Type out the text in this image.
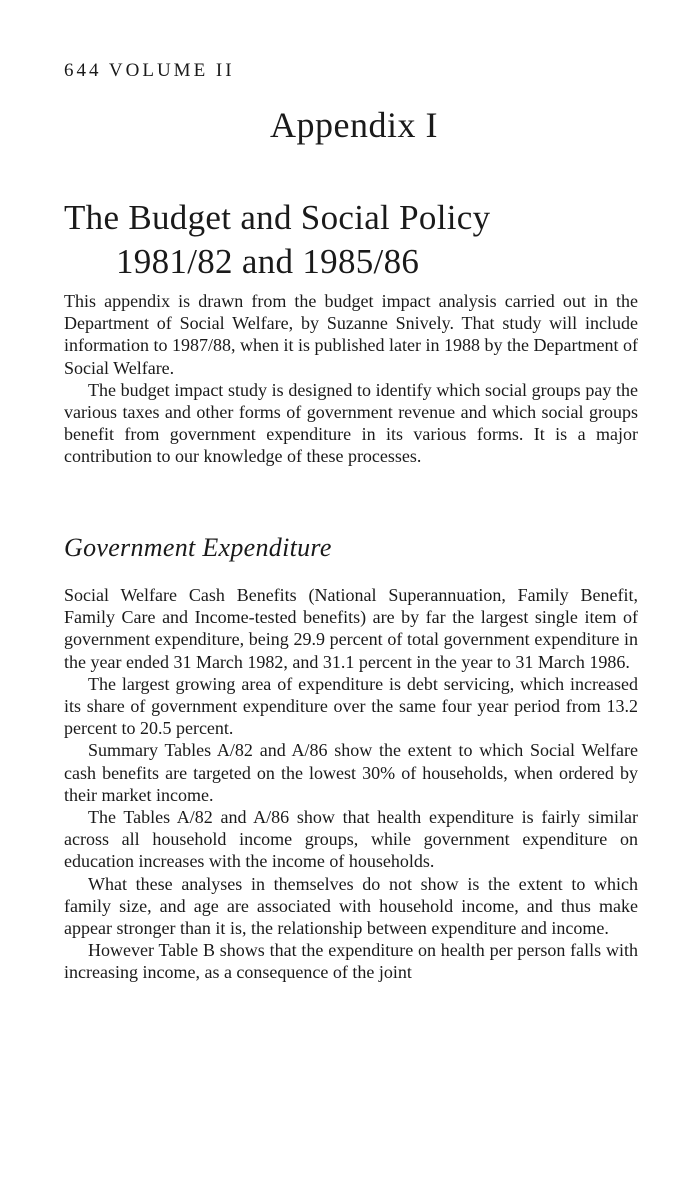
644 VOLUME II
Appendix I
The Budget and Social Policy
1981/82 and 1985/86

This appendix is drawn from the budget impact analysis carried out in the Department of Social Welfare, by Suzanne Snively. That study will include information to 1987/88, when it is published later in 1988 by the Department of Social Welfare.

The budget impact study is designed to identify which social groups pay the various taxes and other forms of government revenue and which social groups benefit from government expenditure in its various forms. It is a major contribution to our knowledge of these processes.

Government Expenditure

Social Welfare Cash Benefits (National Superannuation, Family Benefit, Family Care and Income-tested benefits) are by far the largest single item of government expenditure, being 29.9 percent of total government expenditure in the year ended 31 March 1982, and 31.1 percent in the year to 31 March 1986.

The largest growing area of expenditure is debt servicing, which increased its share of government expenditure over the same four year period from 13.2 percent to 20.5 percent.

Summary Tables A/82 and A/86 show the extent to which Social Welfare cash benefits are targeted on the lowest 30% of households, when ordered by their market income.

The Tables A/82 and A/86 show that health expenditure is fairly similar across all household income groups, while government expenditure on education increases with the income of households.

What these analyses in themselves do not show is the extent to which family size, and age are associated with household income, and thus make appear stronger than it is, the relationship between expenditure and income.

However Table B shows that the expenditure on health per person falls with increasing income, as a consequence of the joint
